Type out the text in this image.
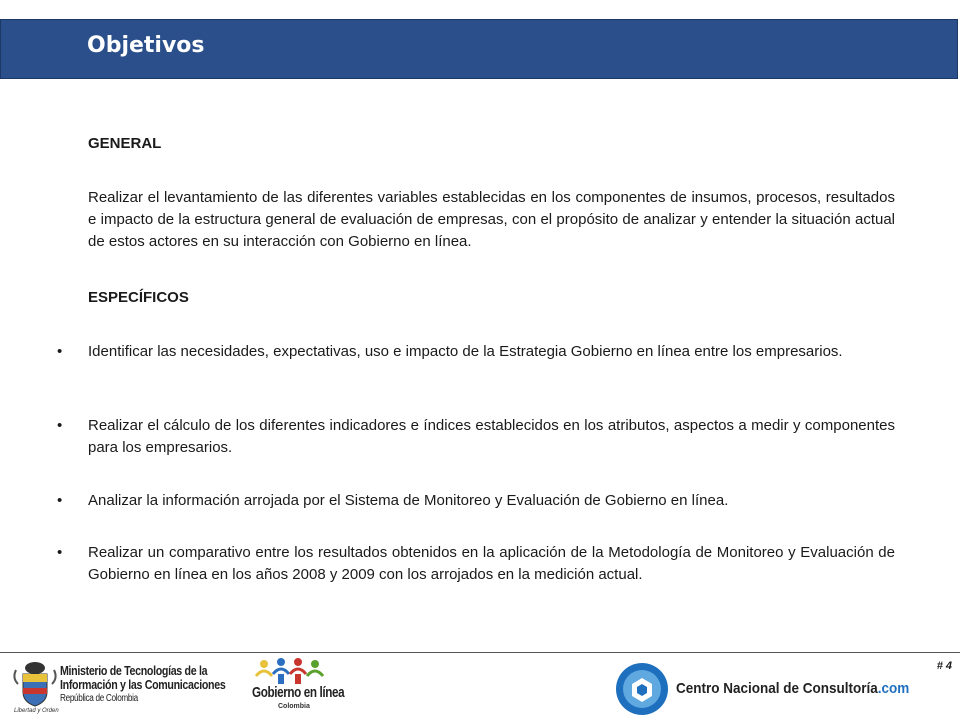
Objetivos

GENERAL

Realizar el levantamiento de las diferentes variables establecidas en los componentes de insumos, procesos, resultados e impacto de la estructura general de evaluación de empresas, con el propósito de analizar y entender la situación actual de estos actores en su interacción con Gobierno en línea.

ESPECÍFICOS

• Identificar las necesidades, expectativas, uso e impacto de la Estrategia Gobierno en línea entre los empresarios.

• Realizar el cálculo de los diferentes indicadores e índices establecidos en los atributos, aspectos a medir y componentes para los empresarios.

• Analizar la información arrojada por el Sistema de Monitoreo y Evaluación de Gobierno en línea.

• Realizar un comparativo entre los resultados obtenidos en la aplicación de la Metodología de Monitoreo y Evaluación de Gobierno en línea en los años 2008 y 2009 con los arrojados en la medición actual.

# 4
Libertad y Orden
Ministerio de Tecnologías de la
Información y las Comunicaciones
República de Colombia	Gobierno en línea
Colombia
Centro Nacional de Consultoría.com
